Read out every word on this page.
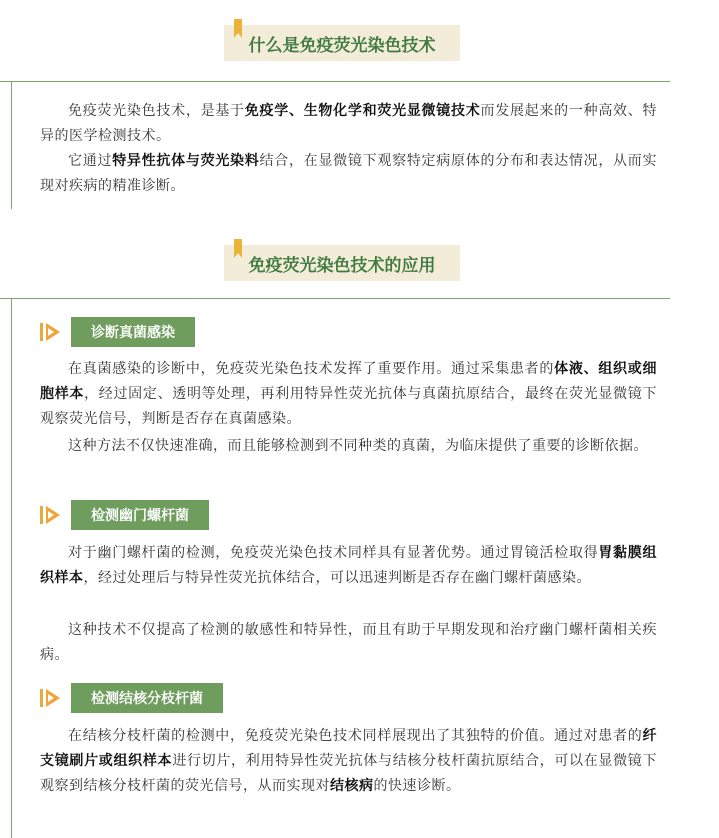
什么是免疫荧光染色技术

免疫荧光染色技术，是基于免疫学、生物化学和荧光显微镜技术而发展起来的一种高效、特异的医学检测技术。

它通过特异性抗体与荧光染料结合，在显微镜下观察特定病原体的分布和表达情况，从而实现对疾病的精准诊断。

免疫荧光染色技术的应用
诊断真菌感染

在真菌感染的诊断中，免疫荧光染色技术发挥了重要作用。通过采集患者的体液、组织或细胞样本，经过固定、透明等处理，再利用特异性荧光抗体与真菌抗原结合，最终在荧光显微镜下观察荧光信号，判断是否存在真菌感染。

这种方法不仅快速准确，而且能够检测到不同种类的真菌，为临床提供了重要的诊断依据。

检测幽门螺杆菌

对于幽门螺杆菌的检测，免疫荧光染色技术同样具有显著优势。通过胃镜活检取得胃黏膜组织样本，经过处理后与特异性荧光抗体结合，可以迅速判断是否存在幽门螺杆菌感染。

这种技术不仅提高了检测的敏感性和特异性，而且有助于早期发现和治疗幽门螺杆菌相关疾病。

检测结核分枝杆菌

在结核分枝杆菌的检测中，免疫荧光染色技术同样展现出了其独特的价值。通过对患者的纤支镜刷片或组织样本进行切片，利用特异性荧光抗体与结核分枝杆菌抗原结合，可以在显微镜下观察到结核分枝杆菌的荧光信号，从而实现对结核病的快速诊断。
